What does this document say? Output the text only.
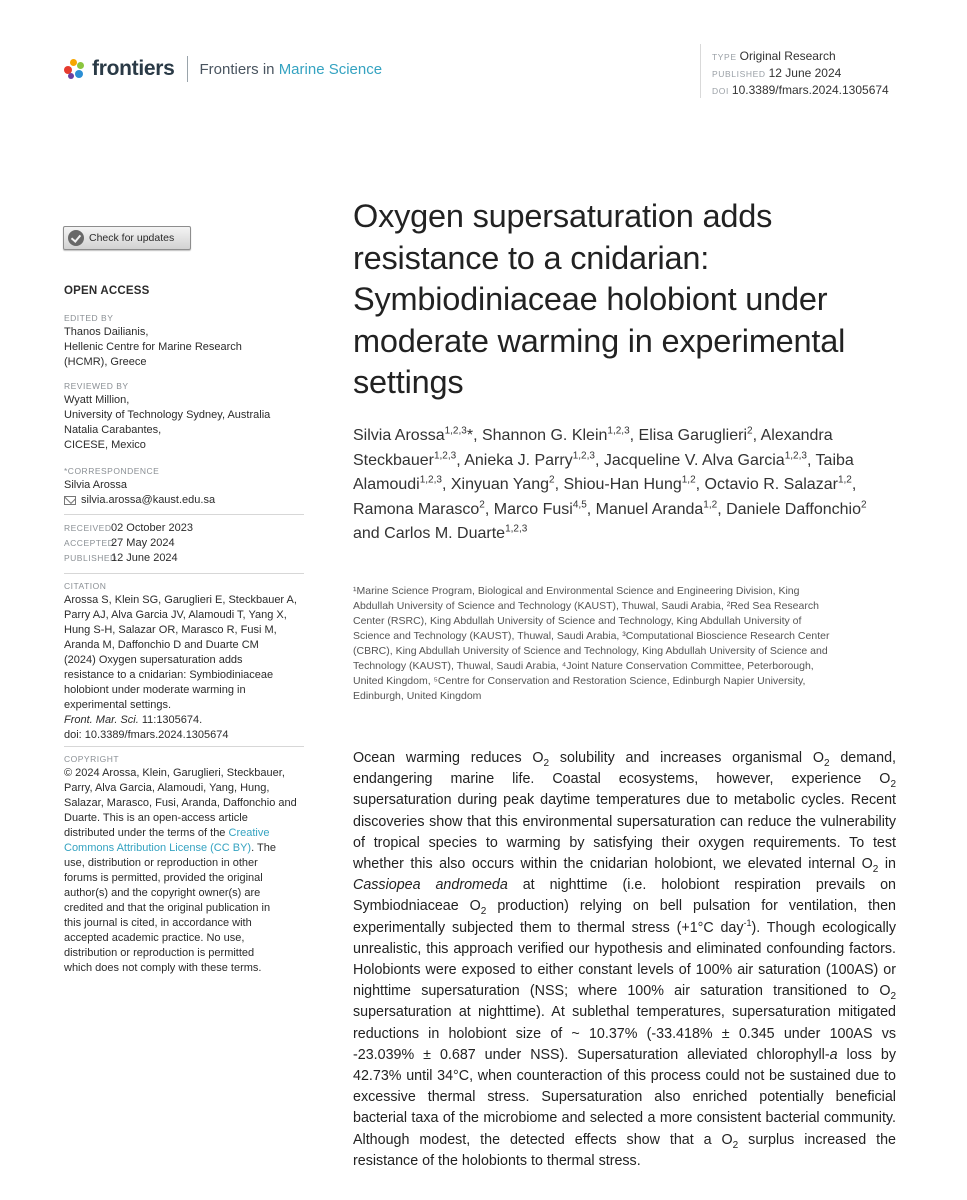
frontiers Frontiers in Marine Science
TYPE Original Research
PUBLISHED 12 June 2024
DOI 10.3389/fmars.2024.1305674
Check for updates
OPEN ACCESS
EDITED BY
Thanos Dailianis,
Hellenic Centre for Marine Research
(HCMR), Greece
REVIEWED BY
Wyatt Million,
University of Technology Sydney, Australia
Natalia Carabantes,
CICESE, Mexico
*CORRESPONDENCE
Silvia Arossa
silvia.arossa@kaust.edu.sa
RECEIVED 02 October 2023
ACCEPTED
27 May 2024
PUBLISHED
12 June 2024
CITATION
Arossa S, Klein SG, Garuglieri E, Steckbauer A,
Parry AJ, Alva Garcia JV, Alamoudi T, Yang X,
Hung S-H, Salazar OR, Marasco R, Fusi M,
Aranda M, Daffonchio D and Duarte CM
(2024) Oxygen supersaturation adds
resistance to a cnidarian: Symbiodiniaceae
holobiont under moderate warming in
experimental settings.
Front. Mar. Sci. 11:1305674.
doi: 10.3389/fmars.2024.1305674
COPYRIGHT
© 2024 Arossa, Klein, Garuglieri, Steckbauer,
Parry, Alva Garcia, Alamoudi, Yang, Hung,
Salazar, Marasco, Fusi, Aranda, Daffonchio and
Duarte. This is an open-access article
distributed under the terms of the Creative
Commons Attribution License (CC BY). The
use, distribution or reproduction in other
forums is permitted, provided the original
author(s) and the copyright owner(s) are
credited and that the original publication in
this journal is cited, in accordance with
accepted academic practice. No use,
distribution or reproduction is permitted
which does not comply with these terms.
Oxygen supersaturation adds resistance to a cnidarian: Symbiodiniaceae holobiont under moderate warming in experimental settings
Silvia Arossa$^{1,2,3}$*, Shannon G. Klein$^{1,2,3}$, Elisa Garuglieri$^2$, Alexandra Steckbauer$^{1,2,3}$, Anieka J. Parry$^{1,2,3}$, Jacqueline V. Alva Garcia$^{1,2,3}$, Taiba Alamoudi$^{1,2,3}$, Xinyuan Yang$^2$, Shiou-Han Hung$^{1,2}$, Octavio R. Salazar$^{1,2}$, Ramona Marasco$^2$, Marco Fusi$^{4,5}$, Manuel Aranda$^{1,2}$, Daniele Daffonchio$^2$ and Carlos M. Duarte$^{1,2,3}$
¹Marine Science Program, Biological and Environmental Science and Engineering Division, King
Abdullah University of Science and Technology (KAUST), Thuwal, Saudi Arabia, ²Red Sea Research
Center (RSRC), King Abdullah University of Science and Technology, King Abdullah University of
Science and Technology (KAUST), Thuwal, Saudi Arabia, ³Computational Bioscience Research Center
(CBRC), King Abdullah University of Science and Technology, King Abdullah University of Science and
Technology (KAUST), Thuwal, Saudi Arabia, ⁴Joint Nature Conservation Committee, Peterborough,
United Kingdom, ⁵Centre for Conservation and Restoration Science, Edinburgh Napier University,
Edinburgh, United Kingdom
Ocean warming reduces $O_2$ solubility and increases organismal $O_2$ demand, endangering marine life. Coastal ecosystems, however, experience $O_2$ supersaturation during peak daytime temperatures due to metabolic cycles. Recent discoveries show that this environmental supersaturation can reduce the vulnerability of tropical species to warming by satisfying their oxygen requirements. To test whether this also occurs within the cnidarian holobiont, we elevated internal $O_2$ in Cassiopea andromeda at nighttime (i.e. holobiont respiration prevails on Symbiodniaceae $O_2$ production) relying on bell pulsation for ventilation, then experimentally subjected them to thermal stress (+1°C day$^{-1}$). Though ecologically unrealistic, this approach verified our hypothesis and eliminated confounding factors. Holobionts were exposed to either constant levels of 100% air saturation (100AS) or nighttime supersaturation (NSS; where 100% air saturation transitioned to $O_2$ supersaturation at nighttime). At sublethal temperatures, supersaturation mitigated reductions in holobiont size of ~ 10.37% (-33.418% ± 0.345 under 100AS vs -23.039% ± 0.687 under NSS). Supersaturation alleviated chlorophyll-a loss by 42.73% until 34°C, when counteraction of this process could not be sustained due to excessive thermal stress. Supersaturation also enriched potentially beneficial bacterial taxa of the microbiome and selected a more consistent bacterial community. Although modest, the detected effects show that a $O_2$ surplus increased the resistance of the holobionts to thermal stress.
